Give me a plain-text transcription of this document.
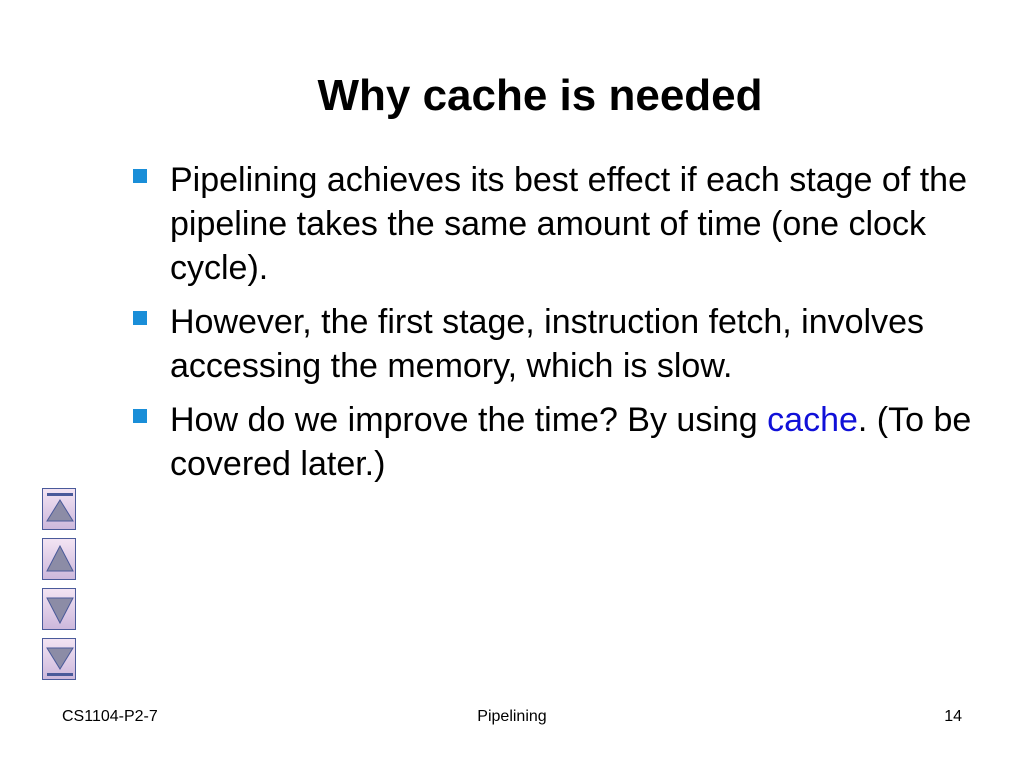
Why cache is needed
Pipelining achieves its best effect if each stage of the pipeline takes the same amount of time (one clock cycle).
However, the first stage, instruction fetch, involves accessing the memory, which is slow.
How do we improve the time? By using cache. (To be covered later.)
CS1104-P2-7	Pipelining	14
